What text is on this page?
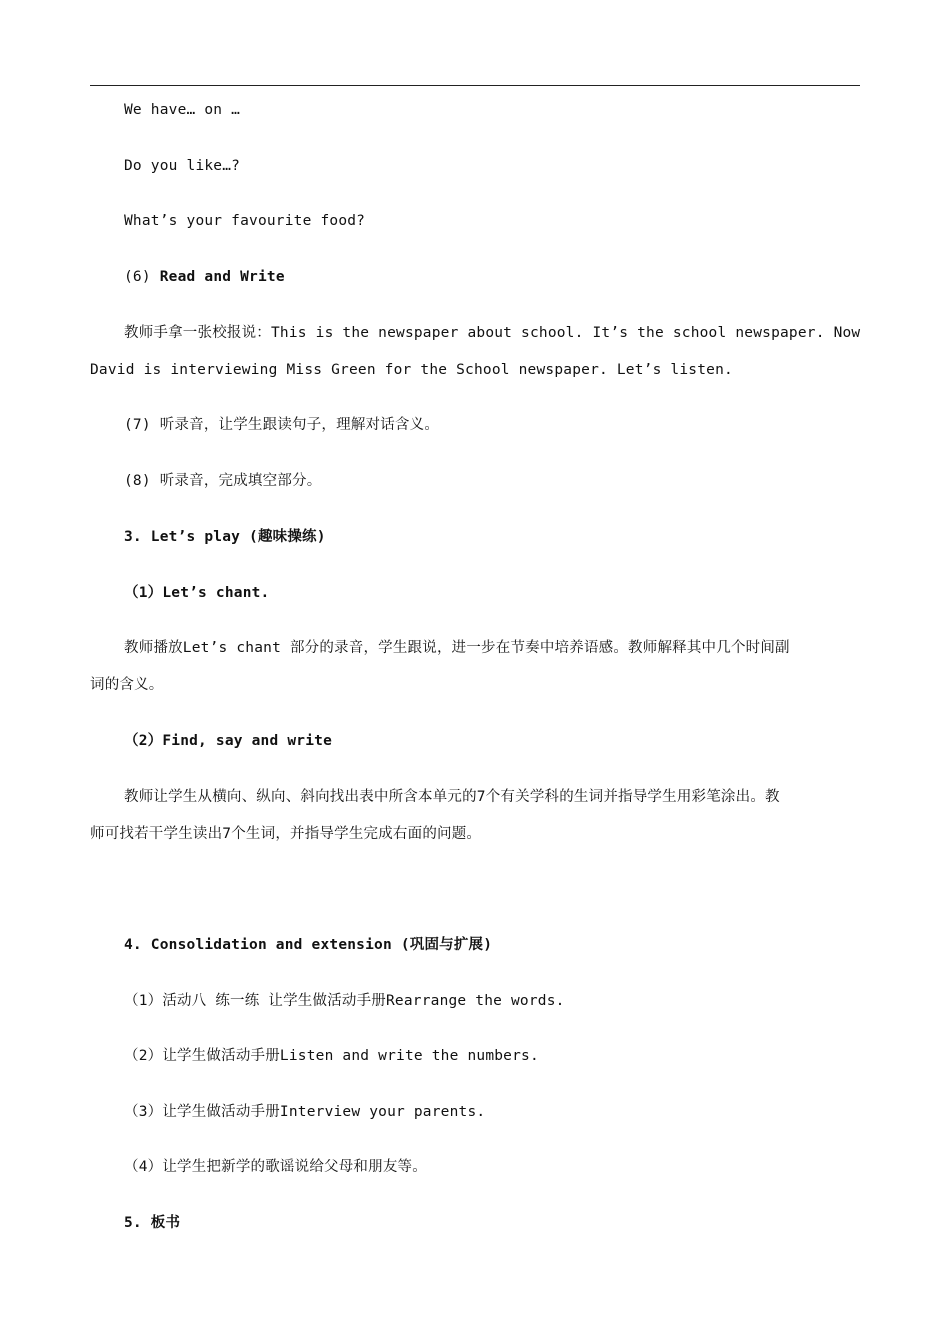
We have… on …
Do you like…?
What’s your favourite food?
(6) Read and Write
教师手拿一张校报说：This is the newspaper about school. It’s the school newspaper. Now
David is interviewing Miss Green for the School newspaper. Let’s listen.
(7) 听录音，让学生跟读句子，理解对话含义。
(8) 听录音，完成填空部分。
3. Let’s play (趣味操练)
（1）Let’s chant.
教师播放Let’s chant 部分的录音，学生跟说，进一步在节奏中培养语感。教师解释其中几个时间副
词的含义。
（2）Find, say and write
教师让学生从横向、纵向、斜向找出表中所含本单元的7个有关学科的生词并指导学生用彩笔涂出。教
师可找若干学生读出7个生词，并指导学生完成右面的问题。
4. Consolidation and extension (巩固与扩展)
（1）活动八 练一练 让学生做活动手册Rearrange the words.
（2）让学生做活动手册Listen and write the numbers.
（3）让学生做活动手册Interview your parents.
（4）让学生把新学的歌谣说给父母和朋友等。
5. 板书
